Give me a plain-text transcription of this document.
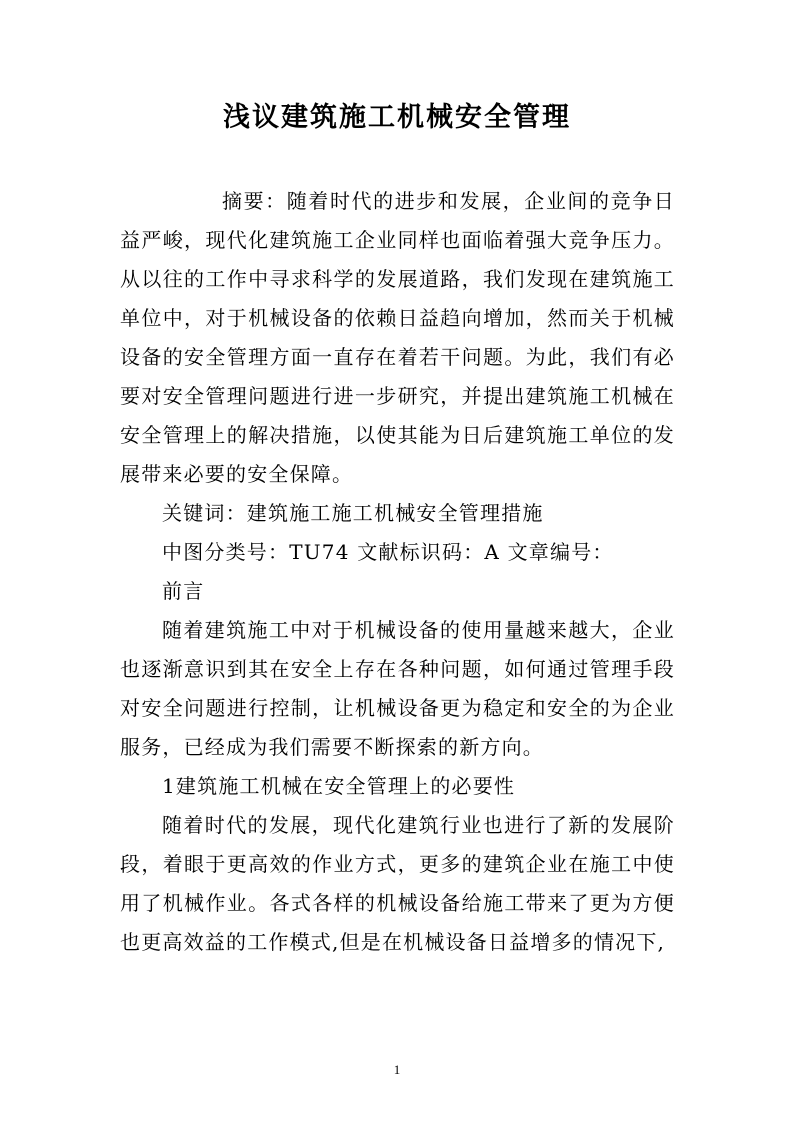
浅议建筑施工机械安全管理

摘要：随着时代的进步和发展，企业间的竞争日益严峻，现代化建筑施工企业同样也面临着强大竞争压力。从以往的工作中寻求科学的发展道路，我们发现在建筑施工单位中，对于机械设备的依赖日益趋向增加，然而关于机械设备的安全管理方面一直存在着若干问题。为此，我们有必要对安全管理问题进行进一步研究，并提出建筑施工机械在安全管理上的解决措施，以使其能为日后建筑施工单位的发展带来必要的安全保障。

关键词：建筑施工施工机械安全管理措施

中图分类号：TU74 文献标识码：A 文章编号：

前言

随着建筑施工中对于机械设备的使用量越来越大，企业也逐渐意识到其在安全上存在各种问题，如何通过管理手段对安全问题进行控制，让机械设备更为稳定和安全的为企业服务，已经成为我们需要不断探索的新方向。

1建筑施工机械在安全管理上的必要性

随着时代的发展，现代化建筑行业也进行了新的发展阶段，着眼于更高效的作业方式，更多的建筑企业在施工中使用了机械作业。各式各样的机械设备给施工带来了更为方便也更高效益的工作模式,但是在机械设备日益增多的情况下,

1
